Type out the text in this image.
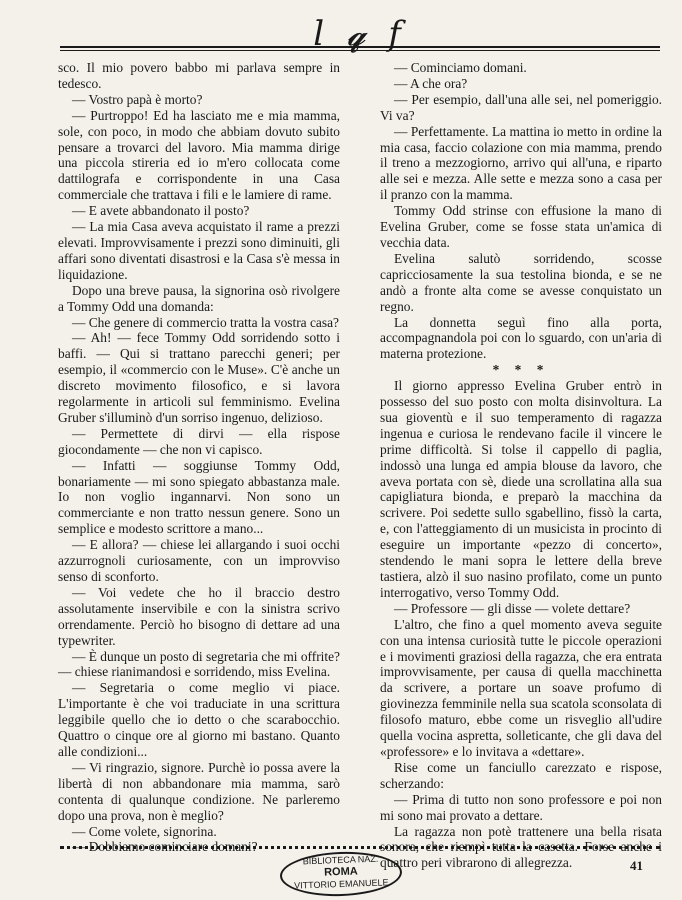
l 𝓺 f

sco. Il mio povero babbo mi parlava sempre in tedesco.

— Vostro papà è morto?

— Purtroppo! Ed ha lasciato me e mia mamma, sole, con poco, in modo che abbiam dovuto subito pensare a trovarci del lavoro. Mia mamma dirige una piccola stireria ed io m'ero collocata come dattilografa e corrispondente in una Casa commerciale che trattava i fili e le lamiere di rame.

— E avete abbandonato il posto?

— La mia Casa aveva acquistato il rame a prezzi elevati. Improvvisamente i prezzi sono diminuiti, gli affari sono diventati disastrosi e la Casa s'è messa in liquidazione.

Dopo una breve pausa, la signorina osò rivolgere a Tommy Odd una domanda:

— Che genere di commercio tratta la vostra casa?

— Ah! — fece Tommy Odd sorridendo sotto i baffi. — Qui si trattano parecchi generi; per esempio, il «commercio con le Muse». C'è anche un discreto movimento filosofico, e si lavora regolarmente in articoli sul femminismo. Evelina Gruber s'illuminò d'un sorriso ingenuo, delizioso.

— Permettete di dirvi — ella rispose giocondamente — che non vi capisco.

— Infatti — soggiunse Tommy Odd, bonariamente — mi sono spiegato abbastanza male. Io non voglio ingannarvi. Non sono un commerciante e non tratto nessun genere. Sono un semplice e modesto scrittore a mano...

— E allora? — chiese lei allargando i suoi occhi azzurrognoli curiosamente, con un improvviso senso di sconforto.

— Voi vedete che ho il braccio destro assolutamente inservibile e con la sinistra scrivo orrendamente. Perciò ho bisogno di dettare ad una typewriter.

— È dunque un posto di segretaria che mi offrite? — chiese rianimandosi e sorridendo, miss Evelina.

— Segretaria o come meglio vi piace. L'importante è che voi traduciate in una scrittura leggibile quello che io detto o che scarabocchio. Quattro o cinque ore al giorno mi bastano. Quanto alle condizioni...

— Vi ringrazio, signore. Purchè io possa avere la libertà di non abbandonare mia mamma, sarò contenta di qualunque condizione. Ne parleremo dopo una prova, non è meglio?

— Come volete, signorina.

— Dobbiamo cominciare domani?

— Cominciamo domani.

— A che ora?

— Per esempio, dall'una alle sei, nel pomeriggio. Vi va?

— Perfettamente. La mattina io metto in ordine la mia casa, faccio colazione con mia mamma, prendo il treno a mezzogiorno, arrivo qui all'una, e riparto alle sei e mezza. Alle sette e mezza sono a casa per il pranzo con la mamma.

Tommy Odd strinse con effusione la mano di Evelina Gruber, come se fosse stata un'amica di vecchia data.

Evelina salutò sorridendo, scosse capricciosamente la sua testolina bionda, e se ne andò a fronte alta come se avesse conquistato un regno.

La donnetta seguì fino alla porta, accompagnandola poi con lo sguardo, con un'aria di materna protezione.

* * *

Il giorno appresso Evelina Gruber entrò in possesso del suo posto con molta disinvoltura. La sua gioventù e il suo temperamento di ragazza ingenua e curiosa le rendevano facile il vincere le prime difficoltà. Si tolse il cappello di paglia, indossò una lunga ed ampia blouse da lavoro, che aveva portata con sè, diede una scrollatina alla sua capigliatura bionda, e preparò la macchina da scrivere. Poi sedette sullo sgabellino, fissò la carta, e, con l'atteggiamento di un musicista in procinto di eseguire un importante «pezzo di concerto», stendendo le mani sopra le lettere della breve tastiera, alzò il suo nasino profilato, come un punto interrogativo, verso Tommy Odd.

— Professore — gli disse — volete dettare?

L'altro, che fino a quel momento aveva seguite con una intensa curiosità tutte le piccole operazioni e i movimenti graziosi della ragazza, che era entrata improvvisamente, per causa di quella macchinetta da scrivere, a portare un soave profumo di giovinezza femminile nella sua scatola sconsolata di filosofo maturo, ebbe come un risveglio all'udire quella vocina aspretta, solleticante, che gli dava del «professore» e lo invitava a «dettare».

Rise come un fanciullo carezzato e rispose, scherzando:

— Prima di tutto non sono professore e poi non mi sono mai provato a dettare.

La ragazza non potè trattenere una bella risata sonora, che riempì tutta la casetta. Forse anche i quattro peri vibrarono di allegrezza.

BIBLIOTECA NAZ.
ROMA
VITTORIO EMANUELE
41
